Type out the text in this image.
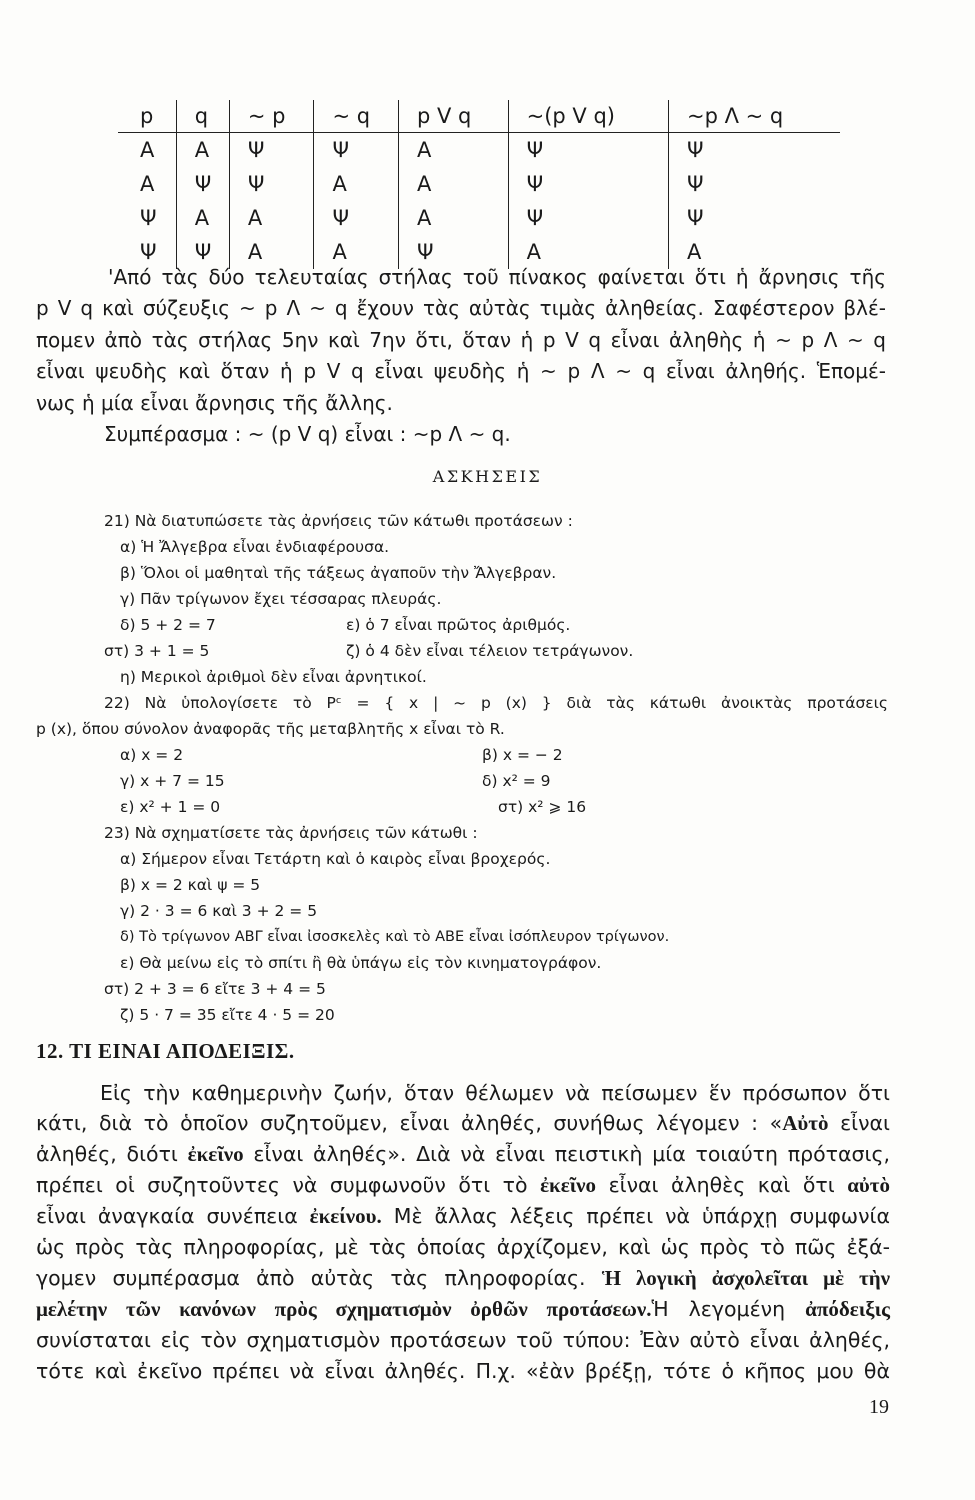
p	q	~ p	~ q	p V q	~(p V q)	~p Λ ~ q
Α	Α	Ψ	Ψ	Α	Ψ	Ψ
Α	Ψ	Ψ	Α	Α	Ψ	Ψ
Ψ	Α	Α	Ψ	Α	Ψ	Ψ
Ψ	Ψ	Α	Α	Ψ	Α	Α
'Από τὰς δύο τελευταίας στήλας τοῦ πίνακος φαίνεται ὅτι ἡ ἄρνησις τῆς
p V q καὶ σύζευξις ~ p Λ ~ q ἔχουν τὰς αὐτὰς τιμὰς ἀληθείας. Σαφέστερον βλέ-
πομεν ἀπὸ τὰς στήλας 5ην καὶ 7ην ὅτι, ὅταν ἡ p V q εἶναι ἀληθὴς ἡ ~ p Λ ~ q
εἶναι ψευδὴς καὶ ὅταν ἡ p V q εἶναι ψευδὴς ἡ ~ p Λ ~ q εἶναι ἀληθής. Ἑπομέ-
νως ἡ μία εἶναι ἄρνησις τῆς ἄλλης.
Συμπέρασμα : ~ (p V q) εἶναι : ~p Λ ~ q.
ΑΣΚΗΣΕΙΣ
21) Νὰ διατυπώσετε τὰς ἀρνήσεις τῶν κάτωθι προτάσεων :
α) Ἡ Ἄλγεβρα εἶναι ἐνδιαφέρουσα.
β) Ὅλοι οἱ μαθηταὶ τῆς τάξεως ἀγαποῦν τὴν Ἄλγεβραν.
γ) Πᾶν τρίγωνον ἔχει τέσσαρας πλευράς.
δ) 5 + 2 = 7	ε) ὁ 7 εἶναι πρῶτος ἀριθμός.
στ) 3 + 1 = 5	ζ) ὁ 4 δὲν εἶναι τέλειον τετράγωνον.
η) Μερικοὶ ἀριθμοὶ δὲν εἶναι ἀρνητικοί.
22) Νὰ ὑπολογίσετε τὸ Pᶜ = { x | ~ p (x) } διὰ τὰς κάτωθι ἀνοικτὰς προτάσεις
p (x), ὅπου σύνολον ἀναφορᾶς τῆς μεταβλητῆς x εἶναι τὸ R.
α) x = 2	β) x = − 2
γ) x + 7 = 15	δ) x² = 9
ε) x² + 1 = 0	στ) x² ⩾ 16
23) Νὰ σχηματίσετε τὰς ἀρνήσεις τῶν κάτωθι :
α) Σήμερον εἶναι Τετάρτη καὶ ὁ καιρὸς εἶναι βροχερός.
β) x = 2 καὶ ψ = 5
γ) 2 · 3 = 6 καὶ 3 + 2 = 5
δ) Τὸ τρίγωνον ΑΒΓ εἶναι ἰσοσκελὲς καὶ τὸ ΑΒΕ εἶναι ἰσόπλευρον τρίγωνον.
ε) Θὰ μείνω εἰς τὸ σπίτι ἢ θὰ ὑπάγω εἰς τὸν κινηματογράφον.
στ) 2 + 3 = 6 εἴτε 3 + 4 = 5
ζ) 5 · 7 = 35 εἴτε 4 · 5 = 20
12. ΤΙ ΕΙΝΑΙ ΑΠΟΔΕΙΞΙΣ.
Εἰς τὴν καθημερινὴν ζωήν, ὅταν θέλωμεν νὰ πείσωμεν ἕν πρόσωπον ὅτι
κάτι, διὰ τὸ ὁποῖον συζητοῦμεν, εἶναι ἀληθές, συνήθως λέγομεν : «Αὐτὸ εἶναι
ἀληθές, διότι ἐκεῖνο εἶναι ἀληθές». Διὰ νὰ εἶναι πειστικὴ μία τοιαύτη πρότασις,
πρέπει οἱ συζητοῦντες νὰ συμφωνοῦν ὅτι τὸ ἐκεῖνο εἶναι ἀληθὲς καὶ ὅτι αὐτὸ
εἶναι ἀναγκαία συνέπεια ἐκείνου. Μὲ ἄλλας λέξεις πρέπει νὰ ὑπάρχῃ συμφωνία
ὡς πρὸς τὰς πληροφορίας, μὲ τὰς ὁποίας ἀρχίζομεν, καὶ ὡς πρὸς τὸ πῶς ἐξά-
γομεν συμπέρασμα ἀπὸ αὐτὰς τὰς πληροφορίας. Ἡ λογικὴ ἀσχολεῖται μὲ τὴν
μελέτην τῶν κανόνων πρὸς σχηματισμὸν ὀρθῶν προτάσεων.Ἡ λεγομένη ἀπόδειξις
συνίσταται εἰς τὸν σχηματισμὸν προτάσεων τοῦ τύπου: Ἐὰν αὐτὸ εἶναι ἀληθές,
τότε καὶ ἐκεῖνο πρέπει νὰ εἶναι ἀληθές. Π.χ. «ἐὰν βρέξῃ, τότε ὁ κῆπος μου θὰ
19
